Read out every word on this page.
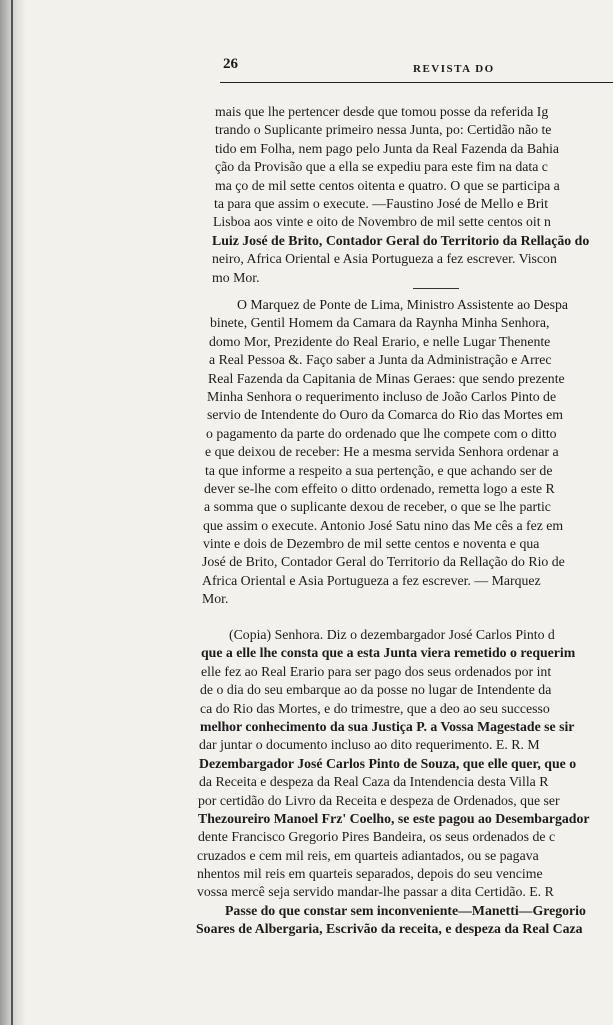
26	REVISTA DO
mais que lhe pertencer desde que tomou posse da referida Ig
trando o Suplicante primeiro nessa Junta, po: Certidão não te
tido em Folha, nem pago pelo Junta da Real Fazenda da Bahia
ção da Provisão que a ella se expediu para este fim na data c
ma ço de mil sette centos oitenta e quatro. O que se participa a
ta para que assim o execute. —Faustino José de Mello e Brit
Lisboa aos vinte e oito de Novembro de mil sette centos oit n
Luiz José de Brito, Contador Geral do Territorio da Rellação do
neiro, Africa Oriental e Asia Portugueza a fez escrever. Viscon
mo Mor.
O Marquez de Ponte de Lima, Ministro Assistente ao Despa
binete, Gentil Homem da Camara da Raynha Minha Senhora,
domo Mor, Prezidente do Real Erario, e nelle Lugar Thenente
a Real Pessoa &. Faço saber a Junta da Administração e Arrec
Real Fazenda da Capitania de Minas Geraes: que sendo prezente
Minha Senhora o requerimento incluso de João Carlos Pinto de
servio de Intendente do Ouro da Comarca do Rio das Mortes em
o pagamento da parte do ordenado que lhe compete com o ditto
e que deixou de receber: He a mesma servida Senhora ordenar a
ta que informe a respeito a sua pertenção, e que achando ser de
dever se-lhe com effeito o ditto ordenado, remetta logo a este R
a somma que o suplicante dexou de receber, o que se lhe partic
que assim o execute. Antonio José Satu nino das Me cês a fez em
vinte e dois de Dezembro de mil sette centos e noventa e qua
José de Brito, Contador Geral do Territorio da Rellação do Rio de
Africa Oriental e Asia Portugueza a fez escrever. — Marquez
Mor.
(Copia) Senhora. Diz o dezembargador José Carlos Pinto d
que a elle lhe consta que a esta Junta viera remetido o requerim
elle fez ao Real Erario para ser pago dos seus ordenados por int
de o dia do seu embarque ao da posse no lugar de Intendente da
ca do Rio das Mortes, e do trimestre, que a deo ao seu successo
melhor conhecimento da sua Justiça P. a Vossa Magestade se sir
dar juntar o documento incluso ao dito requerimento. E. R. M
Dezembargador José Carlos Pinto de Souza, que elle quer, que o
da Receita e despeza da Real Caza da Intendencia desta Villa R
por certidão do Livro da Receita e despeza de Ordenados, que ser
Thezoureiro Manoel Frz' Coelho, se este pagou ao Desembargador
dente Francisco Gregorio Pires Bandeira, os seus ordenados de c
cruzados e cem mil reis, em quarteis adiantados, ou se pagava
nhentos mil reis em quarteis separados, depois do seu vencime
vossa mercê seja servido mandar-lhe passar a dita Certidão. E. R
Passe do que constar sem inconveniente—Manetti—Gregorio
Soares de Albergaria, Escrivão da receita, e despeza da Real Caza
